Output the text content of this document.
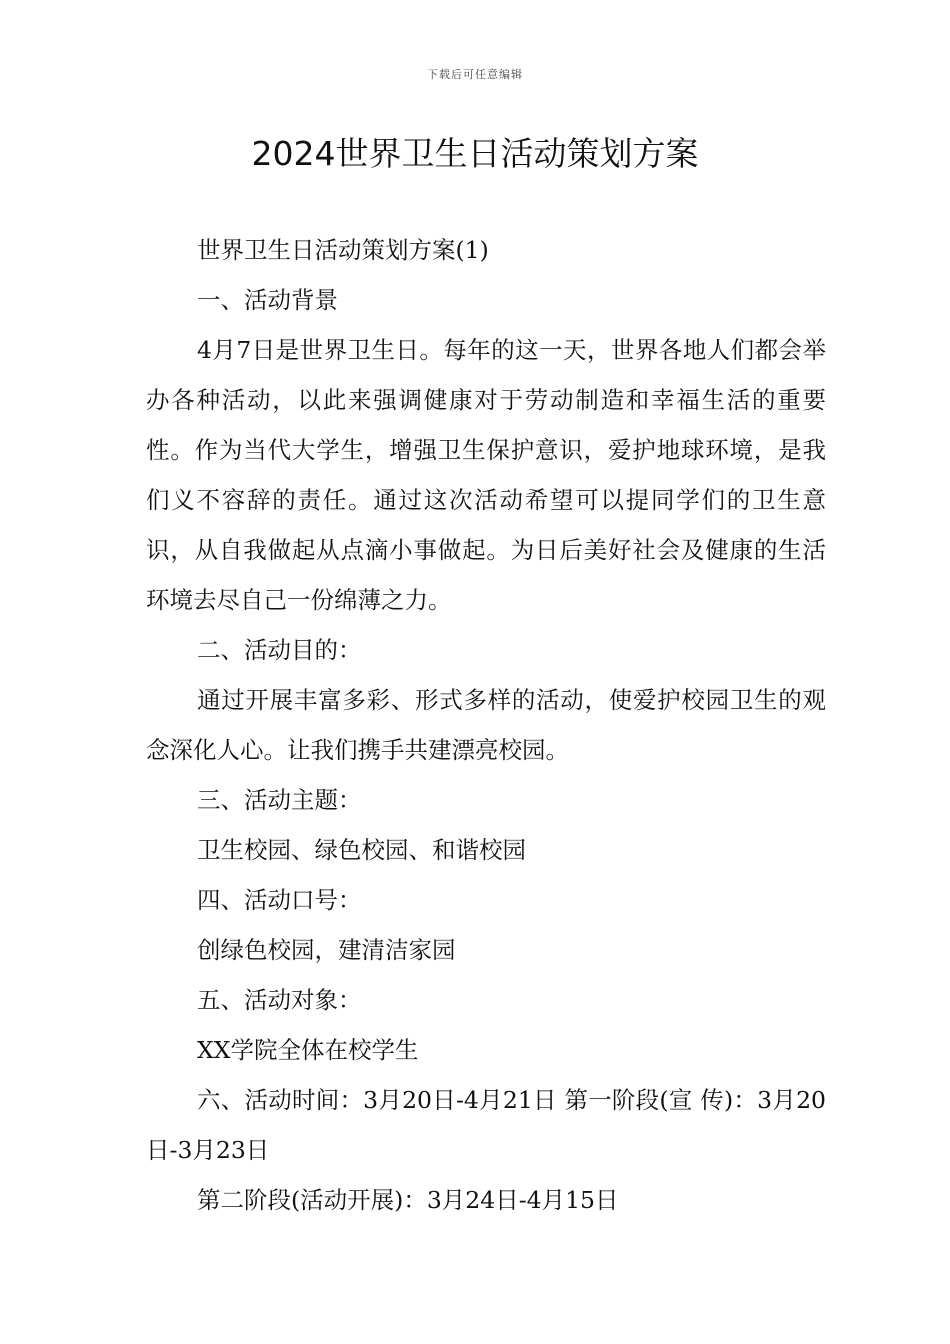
下载后可任意编辑
2024世界卫生日活动策划方案

世界卫生日活动策划方案(1)

一、活动背景

4月7日是世界卫生日。每年的这一天，世界各地人们都会举办各种活动，以此来强调健康对于劳动制造和幸福生活的重要性。作为当代大学生，增强卫生保护意识，爱护地球环境，是我们义不容辞的责任。通过这次活动希望可以提同学们的卫生意识，从自我做起从点滴小事做起。为日后美好社会及健康的生活环境去尽自己一份绵薄之力。

二、活动目的：

通过开展丰富多彩、形式多样的活动，使爱护校园卫生的观念深化人心。让我们携手共建漂亮校园。

三、活动主题：

卫生校园、绿色校园、和谐校园

四、活动口号：

创绿色校园，建清洁家园

五、活动对象：

XX学院全体在校学生

六、活动时间：3月20日-4月21日 第一阶段(宣 传)：3月20日-3月23日

第二阶段(活动开展)：3月24日-4月15日
